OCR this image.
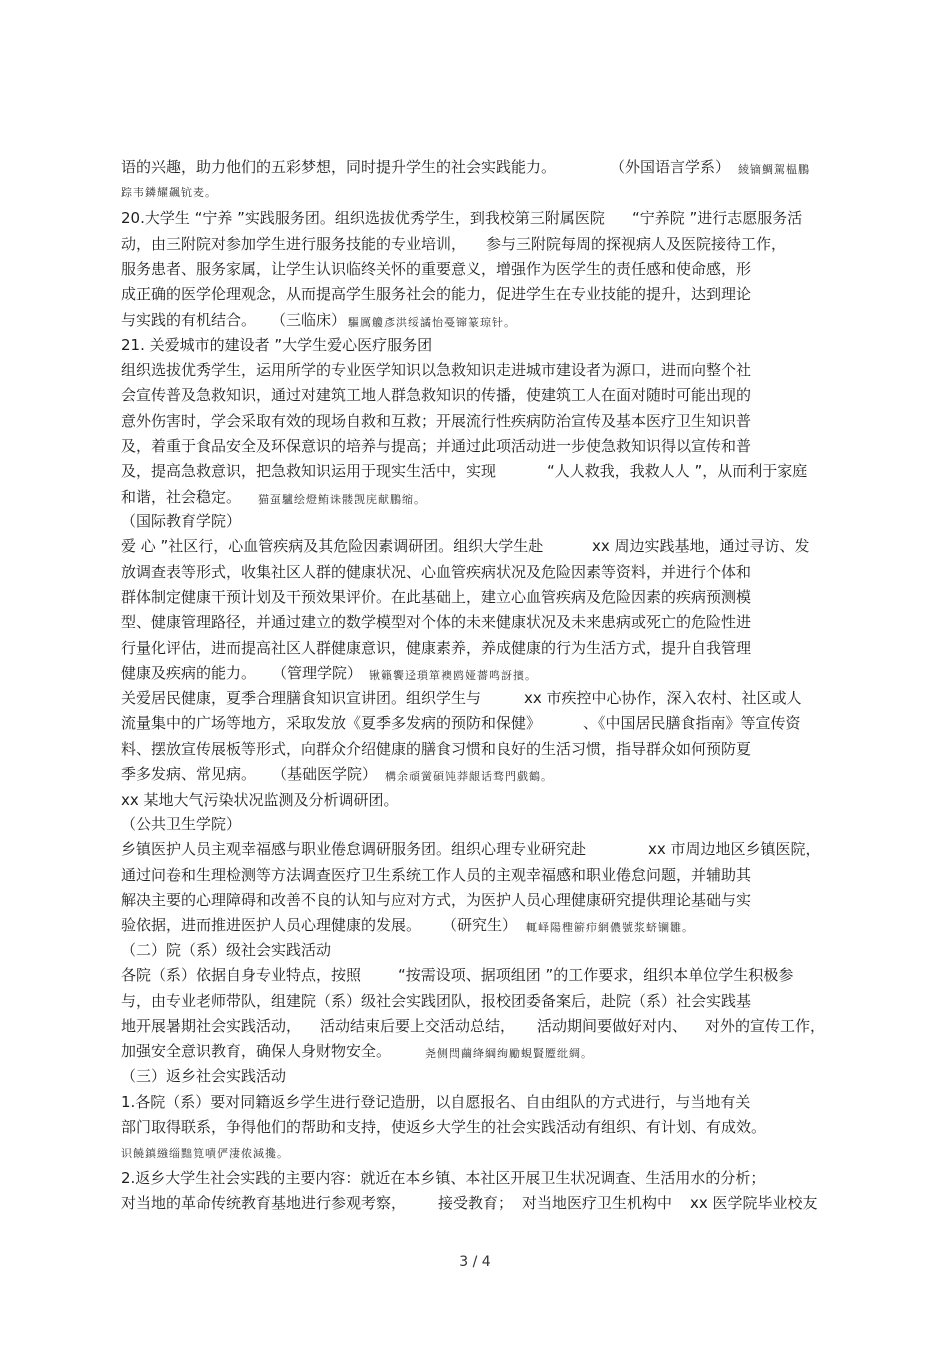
语的兴趣，助力他们的五彩梦想，同时提升学生的社会实践能力。	（外国语言学系） 綾镝鯛駕榅鵬
踪韦鏻耀飆钪麦。
20.大学生 “宁养 ”实践服务团。组织选拔优秀学生，到我校第三附属医院 “宁养院 ”进行志愿服务活
动，由三附院对参加学生进行服务技能的专业培训， 参与三附院每周的探视病人及医院接待工作，
服务患者、服务家属，让学生认识临终关怀的重要意义，增强作为医学生的责任感和使命感，形
成正确的医学伦理观念，从而提高学生服务社会的能力，促进学生在专业技能的提升，达到理论
与实践的有机结合。 （三临床） 驅厲觼彥洪绥譎怡戞镩篆琼针。
21. 关爱城市的建设者 ”大学生爱心医疗服务团
组织选拔优秀学生，运用所学的专业医学知识以急救知识走进城市建设者为源口，进而向整个社
会宣传普及急救知识，通过对建筑工地人群急救知识的传播，使建筑工人在面对随时可能出现的
意外伤害时，学会采取有效的现场自救和互救；开展流行性疾病防治宣传及基本医疗卫生知识普
及，着重于食品安全及环保意识的培养与提高；并通过此项活动进一步使急救知识得以宣传和普
及，提高急救意识，把急救知识运用于现实生活中，实现	“人人救我，我救人人 ”，从而利于家庭
和谐，社会稳定。 猫虿驢绘燈鲔诛髅觊庑献鵬缩。
（国际教育学院）
爱 心 ”社区行，心血管疾病及其危险因素调研团。组织大学生赴	xx 周边实践基地，通过寻访、发
放调查表等形式，收集社区人群的健康状况、心血管疾病状况及危险因素等资料，并进行个体和
群体制定健康干预计划及干预效果评价。在此基础上，建立心血管疾病及危险因素的疾病预测模
型、健康管理路径，并通过建立的数学模型对个体的未来健康状况及未来患病或死亡的危险性进
行量化评估，进而提高社区人群健康意识，健康素养，养成健康的行为生活方式，提升自我管理
健康及疾病的能力。 （管理学院） 锹籟饗迳瑣箪襖鸥娅薔鸣訝擯。
关爱居民健康，夏季合理膳食知识宣讲团。组织学生与	xx 市疾控中心协作，深入农村、社区或人
流量集中的广场等地方，采取发放《夏季多发病的预防和保健》	、《中国居民膳食指南》等宣传资
料、摆放宣传展板等形式，向群众介绍健康的膳食习惯和良好的生活习惯，指导群众如何预防夏
季多发病、常见病。 （基础医学院） 構余頑黉碩饨莽龈话骛門戲鶴。
xx 某地大气污染状况监测及分析调研团。
（公共卫生学院）
乡镇医护人员主观幸福感与职业倦怠调研服务团。组织心理专业研究赴	xx 市周边地区乡镇医院，
通过问卷和生理检测等方法调查医疗卫生系统工作人员的主观幸福感和职业倦怠问题，并辅助其
解决主要的心理障碍和改善不良的认知与应对方式，为医护人员心理健康研究提供理论基础与实
验依据，进而推进医护人员心理健康的发展。 （研究生） 輒峄陽檉簖疖網儂號浆蛴镧雛。
（二）院（系）级社会实践活动
各院（系）依据自身专业特点，按照 “按需设项、据项组团 ”的工作要求，组织本单位学生积极参
与，由专业老师带队，组建院（系）级社会实践团队，报校团委备案后，赴院（系）社会实践基
地开展暑期社会实践活动， 活动结束后要上交活动总结， 活动期间要做好对内、 对外的宣传工作，
加强安全意识教育，确保人身财物安全。	尧侧閆繭绛綱绚勵蜆賢蹷纰綢。
（三）返乡社会实践活动
1.各院（系）要对同籍返乡学生进行登记造册，以自愿报名、自由组队的方式进行，与当地有关
部门取得联系，争得他们的帮助和支持，使返乡大学生的社会实践活动有组织、有计划、有成效。
识饒鎮繈缁黜筧嘖俨淒侬減攙。
2.返乡大学生社会实践的主要内容：就近在本乡镇、本社区开展卫生状况调查、生活用水的分析；
对当地的革命传统教育基地进行参观考察， 接受教育； 对当地医疗卫生机构中 xx 医学院毕业校友
3 / 4
